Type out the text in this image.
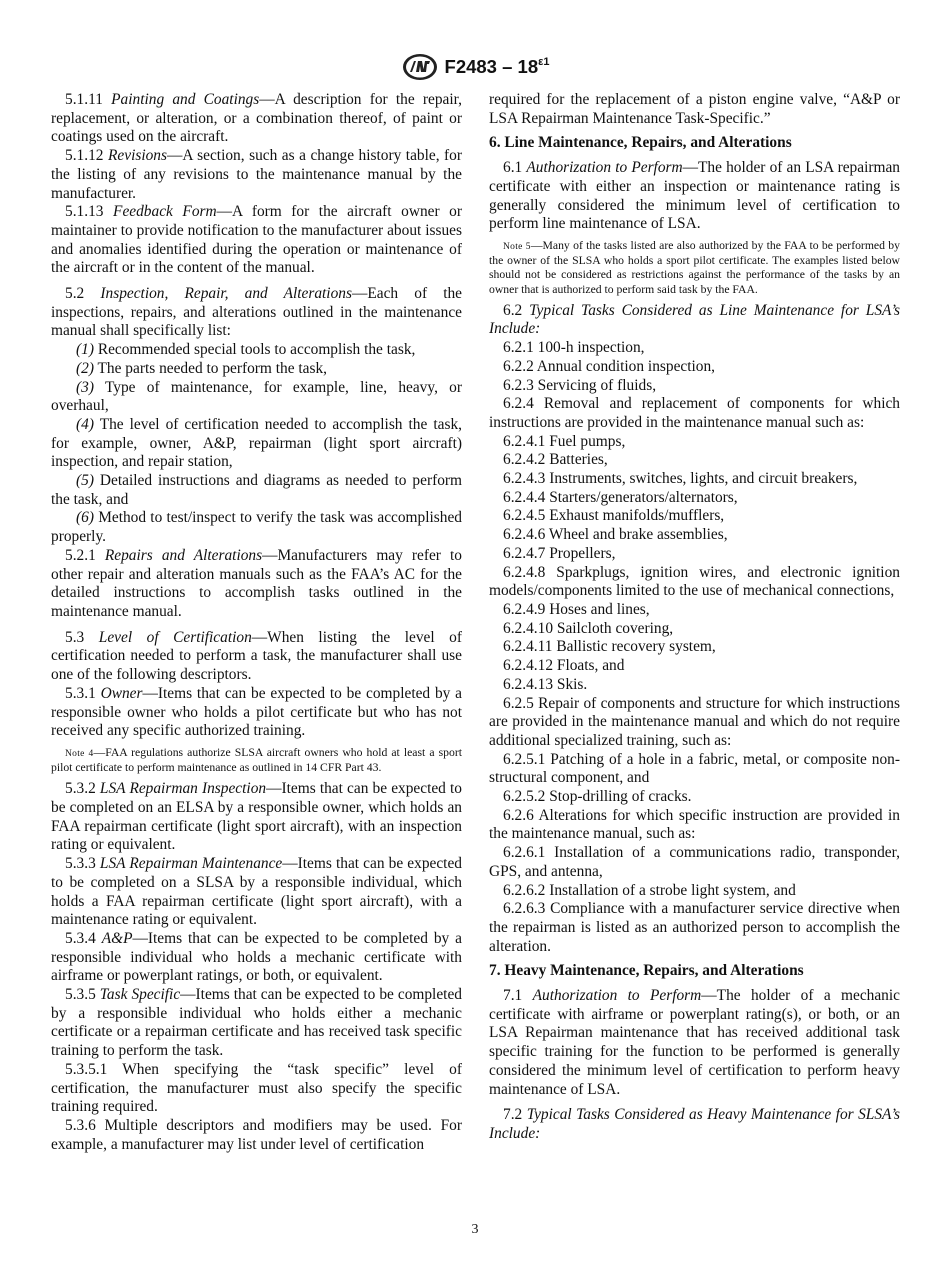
$F2483 - 18^{\varepsilon 1}$

5.1.11 Painting and Coatings—A description for the repair, replacement, or alteration, or a combination thereof, of paint or coatings used on the aircraft.

5.1.12 Revisions—A section, such as a change history table, for the listing of any revisions to the maintenance manual by the manufacturer.

5.1.13 Feedback Form—A form for the aircraft owner or maintainer to provide notification to the manufacturer about issues and anomalies identified during the operation or maintenance of the aircraft or in the content of the manual.

5.2 Inspection, Repair, and Alterations—Each of the inspections, repairs, and alterations outlined in the maintenance manual shall specifically list:

(1) Recommended special tools to accomplish the task,

(2) The parts needed to perform the task,

(3) Type of maintenance, for example, line, heavy, or overhaul,

(4) The level of certification needed to accomplish the task, for example, owner, A&P, repairman (light sport aircraft) inspection, and repair station,

(5) Detailed instructions and diagrams as needed to perform the task, and

(6) Method to test/inspect to verify the task was accomplished properly.

5.2.1 Repairs and Alterations—Manufacturers may refer to other repair and alteration manuals such as the FAA’s AC for the detailed instructions to accomplish tasks outlined in the maintenance manual.

5.3 Level of Certification—When listing the level of certification needed to perform a task, the manufacturer shall use one of the following descriptors.

5.3.1 Owner—Items that can be expected to be completed by a responsible owner who holds a pilot certificate but who has not received any specific authorized training.

Note 4—FAA regulations authorize SLSA aircraft owners who hold at least a sport pilot certificate to perform maintenance as outlined in 14 CFR Part 43.

5.3.2 LSA Repairman Inspection—Items that can be expected to be completed on an ELSA by a responsible owner, which holds an FAA repairman certificate (light sport aircraft), with an inspection rating or equivalent.

5.3.3 LSA Repairman Maintenance—Items that can be expected to be completed on a SLSA by a responsible individual, which holds a FAA repairman certificate (light sport aircraft), with a maintenance rating or equivalent.

5.3.4 A&P—Items that can be expected to be completed by a responsible individual who holds a mechanic certificate with airframe or powerplant ratings, or both, or equivalent.

5.3.5 Task Specific—Items that can be expected to be completed by a responsible individual who holds either a mechanic certificate or a repairman certificate and has received task specific training to perform the task.

5.3.5.1 When specifying the “task specific” level of certification, the manufacturer must also specify the specific training required.

5.3.6 Multiple descriptors and modifiers may be used. For example, a manufacturer may list under level of certification

required for the replacement of a piston engine valve, “A&P or LSA Repairman Maintenance Task-Specific.”

6. Line Maintenance, Repairs, and Alterations

6.1 Authorization to Perform—The holder of an LSA repairman certificate with either an inspection or maintenance rating is generally considered the minimum level of certification to perform line maintenance of LSA.

Note 5—Many of the tasks listed are also authorized by the FAA to be performed by the owner of the SLSA who holds a sport pilot certificate. The examples listed below should not be considered as restrictions against the performance of the tasks by an owner that is authorized to perform said task by the FAA.

6.2 Typical Tasks Considered as Line Maintenance for LSA’s Include:

6.2.1 100-h inspection,

6.2.2 Annual condition inspection,

6.2.3 Servicing of fluids,

6.2.4 Removal and replacement of components for which instructions are provided in the maintenance manual such as:

6.2.4.1 Fuel pumps,

6.2.4.2 Batteries,

6.2.4.3 Instruments, switches, lights, and circuit breakers,

6.2.4.4 Starters/generators/alternators,

6.2.4.5 Exhaust manifolds/mufflers,

6.2.4.6 Wheel and brake assemblies,

6.2.4.7 Propellers,

6.2.4.8 Sparkplugs, ignition wires, and electronic ignition models/components limited to the use of mechanical connections,

6.2.4.9 Hoses and lines,

6.2.4.10 Sailcloth covering,

6.2.4.11 Ballistic recovery system,

6.2.4.12 Floats, and

6.2.4.13 Skis.

6.2.5 Repair of components and structure for which instructions are provided in the maintenance manual and which do not require additional specialized training, such as:

6.2.5.1 Patching of a hole in a fabric, metal, or composite non-structural component, and

6.2.5.2 Stop-drilling of cracks.

6.2.6 Alterations for which specific instruction are provided in the maintenance manual, such as:

6.2.6.1 Installation of a communications radio, transponder, GPS, and antenna,

6.2.6.2 Installation of a strobe light system, and

6.2.6.3 Compliance with a manufacturer service directive when the repairman is listed as an authorized person to accomplish the alteration.

7. Heavy Maintenance, Repairs, and Alterations

7.1 Authorization to Perform—The holder of a mechanic certificate with airframe or powerplant rating(s), or both, or an LSA Repairman maintenance that has received additional task specific training for the function to be performed is generally considered the minimum level of certification to perform heavy maintenance of LSA.

7.2 Typical Tasks Considered as Heavy Maintenance for SLSA’s Include:

3
